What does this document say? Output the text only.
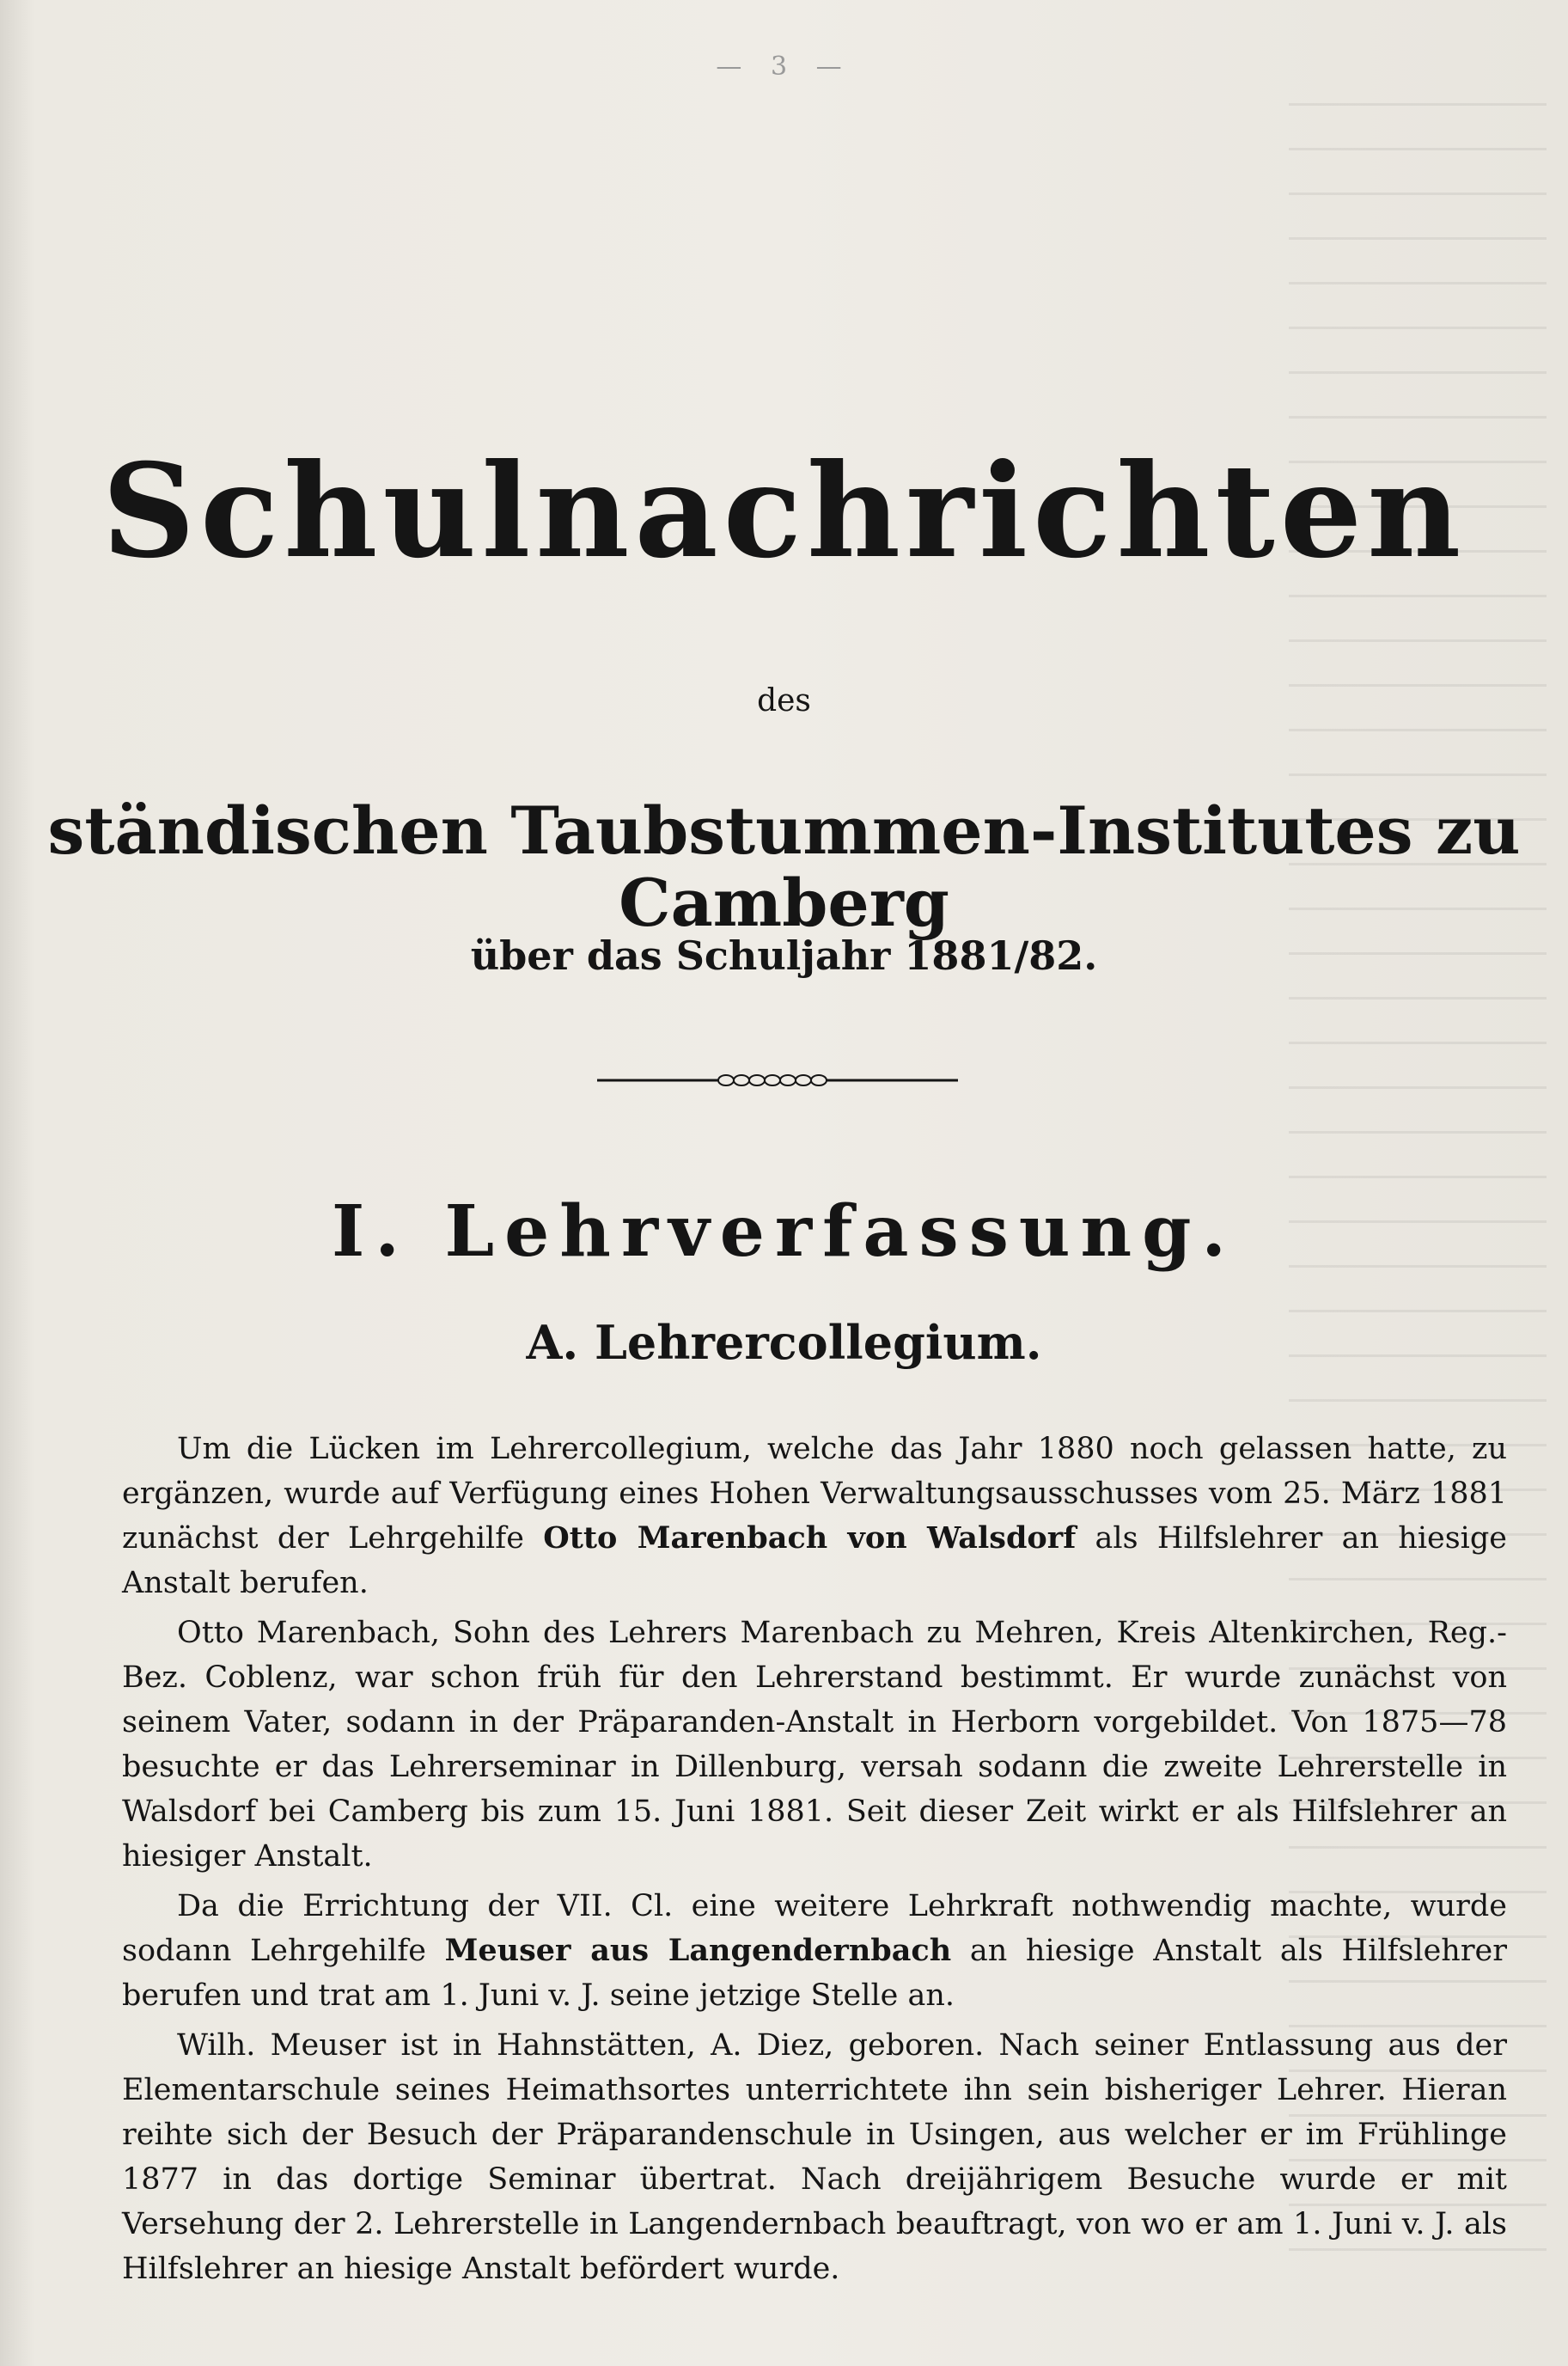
— 3 —
Schulnachrichten
des
ständischen Taubstummen-Institutes zu Camberg
über das Schuljahr 1881/82.
I. Lehrverfassung.
A. Lehrercollegium.

Um die Lücken im Lehrercollegium, welche das Jahr 1880 noch gelassen hatte, zu ergänzen, wurde auf Verfügung eines Hohen Verwaltungsausschusses vom 25. März 1881 zunächst der Lehrgehilfe Otto Marenbach von Walsdorf als Hilfslehrer an hiesige Anstalt berufen.

Otto Marenbach, Sohn des Lehrers Marenbach zu Mehren, Kreis Altenkirchen, Reg.-Bez. Coblenz, war schon früh für den Lehrerstand bestimmt. Er wurde zunächst von seinem Vater, sodann in der Präparanden-Anstalt in Herborn vorgebildet. Von 1875—78 besuchte er das Lehrerseminar in Dillenburg, versah sodann die zweite Lehrerstelle in Walsdorf bei Camberg bis zum 15. Juni 1881. Seit dieser Zeit wirkt er als Hilfslehrer an hiesiger Anstalt.

Da die Errichtung der VII. Cl. eine weitere Lehrkraft nothwendig machte, wurde sodann Lehrgehilfe Meuser aus Langendernbach an hiesige Anstalt als Hilfslehrer berufen und trat am 1. Juni v. J. seine jetzige Stelle an.

Wilh. Meuser ist in Hahnstätten, A. Diez, geboren. Nach seiner Entlassung aus der Elementarschule seines Heimathsortes unterrichtete ihn sein bisheriger Lehrer. Hieran reihte sich der Besuch der Präparandenschule in Usingen, aus welcher er im Frühlinge 1877 in das dortige Seminar übertrat. Nach dreijährigem Besuche wurde er mit Versehung der 2. Lehrerstelle in Langendernbach beauftragt, von wo er am 1. Juni v. J. als Hilfslehrer an hiesige Anstalt befördert wurde.
